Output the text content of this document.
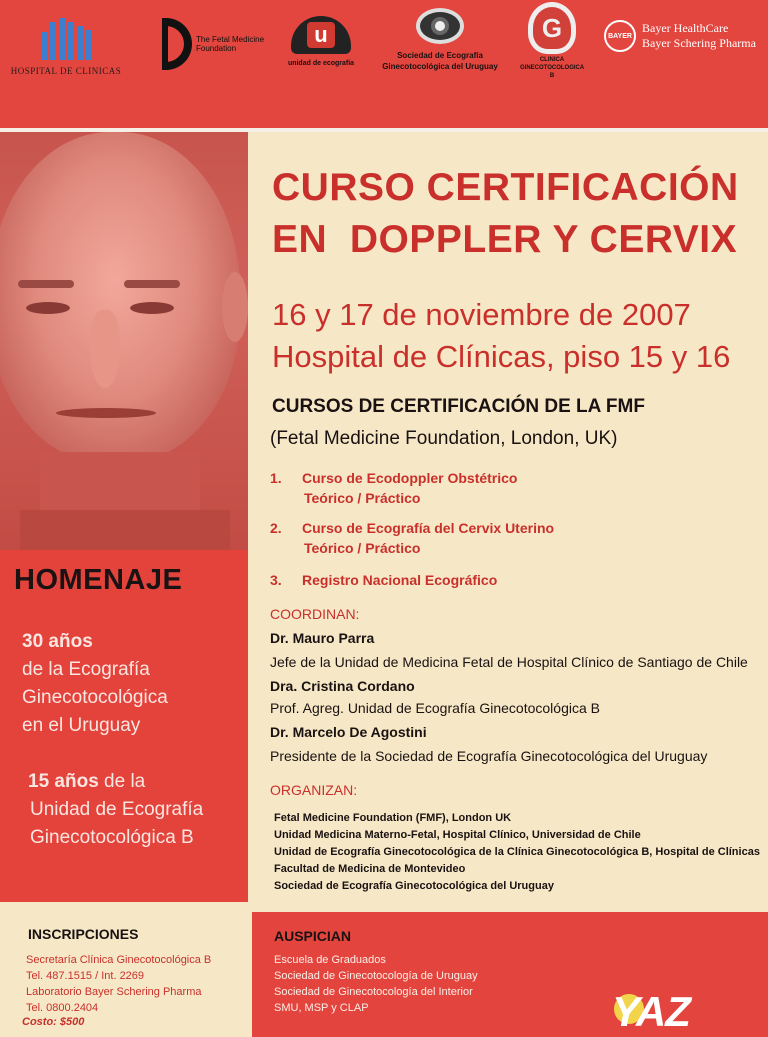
HOSPITAL DE CLINICAS
The Fetal Medicine Foundation
u
unidad de ecografía
Sociedad de Ecografía Ginecotocológica del Uruguay
G
CLINICA GINECOTOCOLOGICA B
BAYER
Bayer HealthCare
Bayer Schering Pharma
HOMENAJE
30 años
de la Ecografía
Ginecotocológica
en el Uruguay
15 años de la
Unidad de Ecografía
Ginecotocológica B
CURSO CERTIFICACIÓN
EN  DOPPLER Y CERVIX
16 y 17 de noviembre de 2007
Hospital de Clínicas, piso 15 y 16
CURSOS DE CERTIFICACIÓN DE LA FMF
(Fetal Medicine Foundation, London, UK)
1. Curso de Ecodoppler Obstétrico
Teórico / Práctico
2. Curso de Ecografía del Cervix Uterino
Teórico / Práctico
3. Registro Nacional Ecográfico
COORDINAN:
Dr. Mauro Parra
Jefe de la Unidad de Medicina Fetal de Hospital Clínico de Santiago de Chile
Dra. Cristina Cordano
Prof. Agreg. Unidad de Ecografía Ginecotocológica B
Dr. Marcelo De Agostini
Presidente de la Sociedad de Ecografía Ginecotocológica del Uruguay
ORGANIZAN:
Fetal Medicine Foundation (FMF), London UK
Unidad Medicina Materno-Fetal, Hospital Clínico, Universidad de Chile
Unidad de Ecografía Ginecotocológica de la Clínica Ginecotocológica B, Hospital de Clínicas
Facultad de Medicina de Montevideo
Sociedad de Ecografía Ginecotocológica del Uruguay
INSCRIPCIONES
Secretaría Clínica Ginecotocológica B
Tel. 487.1515 / Int. 2269
Laboratorio Bayer Schering Pharma
Tel. 0800.2404
Costo: $500
AUSPICIAN
Escuela de Graduados
Sociedad de Ginecotocología de Uruguay
Sociedad de Ginecotocología del Interior
SMU, MSP y CLAP	YAZ
